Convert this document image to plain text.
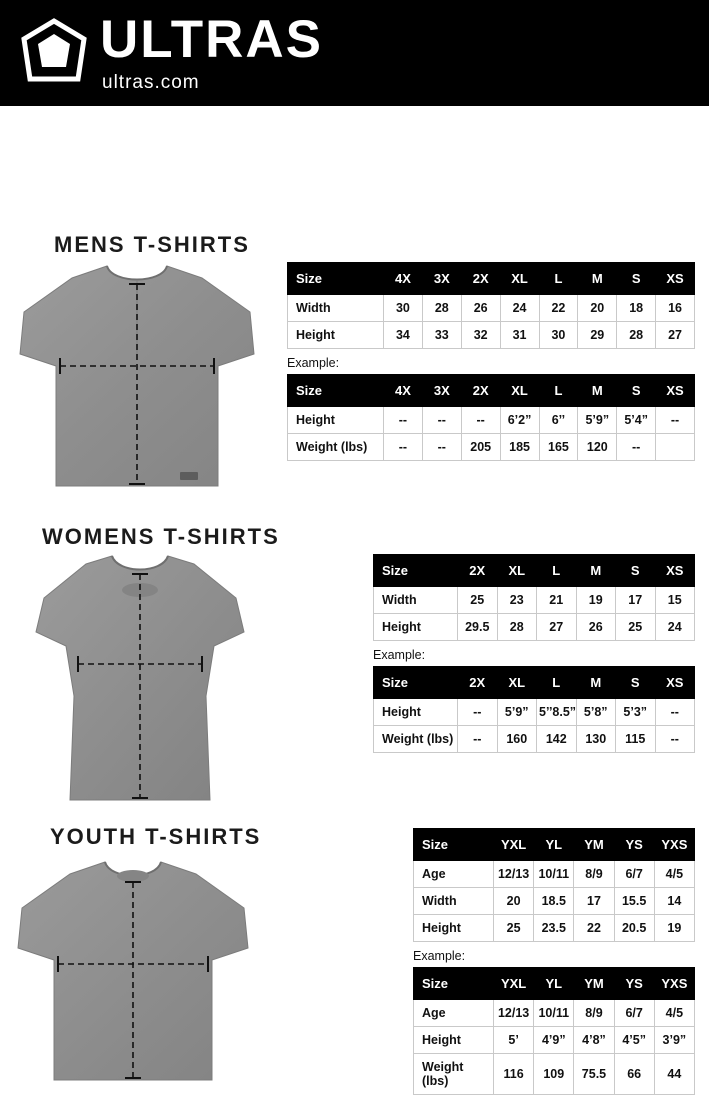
ULTRAS
ultras.com
MENS T-SHIRTS
Size	4X	3X	2X	XL	L	M	S	XS
Width	30	28	26	24	22	20	18	16
Height	34	33	32	31	30	29	28	27
Example:
Size	4X	3X	2X	XL	L	M	S	XS
Height	--	--	--	6’2”	6’’	5’9”	5’4”	--
Weight (lbs)	--	--	205	185	165	120	--	
WOMENS T-SHIRTS
Size	2X	XL	L	M	S	XS
Width	25	23	21	19	17	15
Height	29.5	28	27	26	25	24
Example:
Size	2X	XL	L	M	S	XS
Height	--	5’9”	5’’8.5”	5’8”	5’3”	--
Weight (lbs)	--	160	142	130	115	--
YOUTH T-SHIRTS	Size	YXL	YL	YM	YS	YXS
Age	12/13	10/11	8/9	6/7	4/5
Width	20	18.5	17	15.5	14
Height	25	23.5	22	20.5	19
Example:
Size	YXL	YL	YM	YS	YXS
Age	12/13	10/11	8/9	6/7	4/5
Height	5’	4’9”	4’8”	4’5”	3’9”
Weight (lbs)	116	109	75.5	66	44
